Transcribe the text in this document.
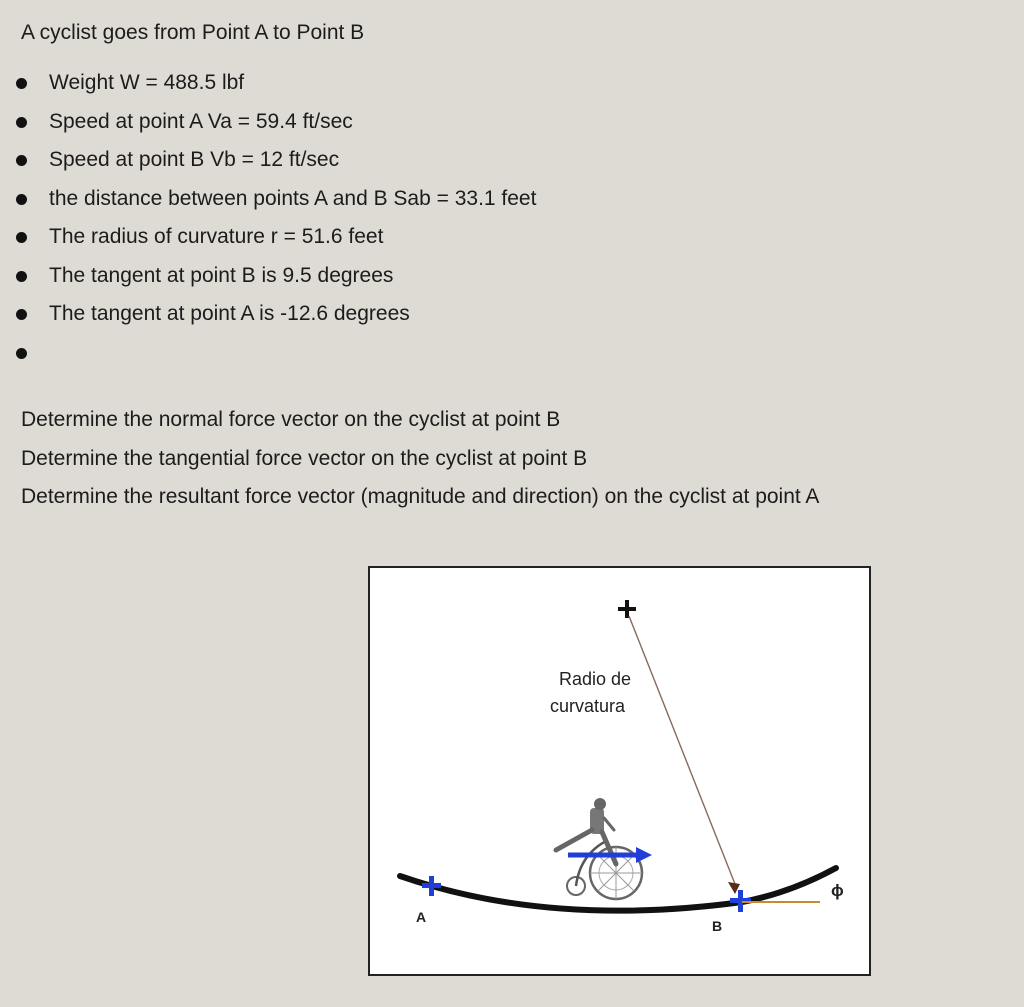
A cyclist goes from Point A to Point B

Weight W = 488.5 lbf
Speed at point A Va = 59.4 ft/sec
Speed at point B Vb = 12 ft/sec
the distance between points A and B Sab = 33.1 feet
The radius of curvature r = 51.6 feet
The tangent at point B is 9.5 degrees
The tangent at point A is -12.6 degrees

Determine the normal force vector on the cyclist at point B

Determine the tangential force vector on the cyclist at point B

Determine the resultant force vector (magnitude and direction) on the cyclist at point A

Radio de
curvatura
A
B
ϕ
